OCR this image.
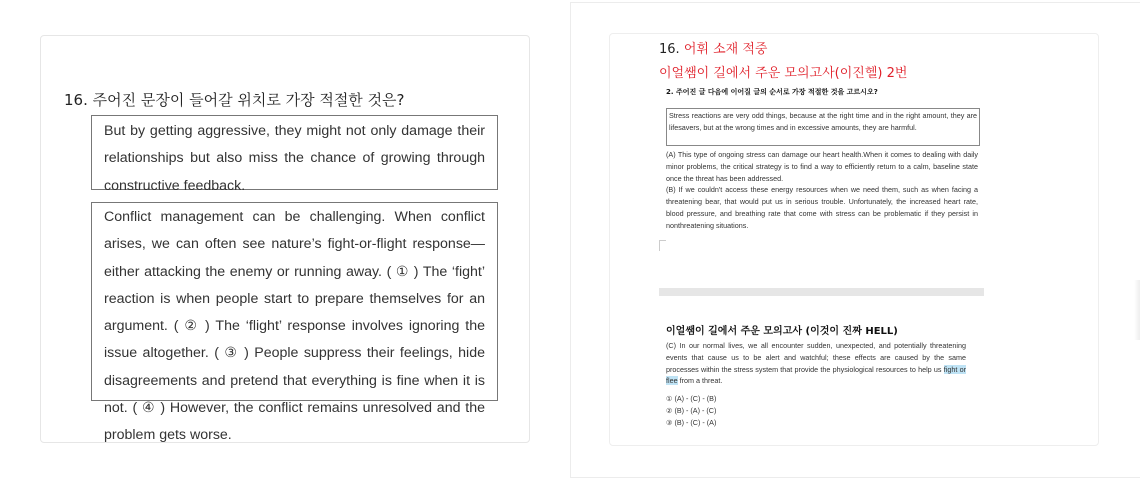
16. 주어진 문장이 들어갈 위치로 가장 적절한 것은?
But by getting aggressive, they might not only damage their relationships but also miss the chance of growing through constructive feedback.
Conflict management can be challenging. When conflict arises, we can often see nature’s fight-or-flight response—either attacking the enemy or running away. ( ① ) The ‘fight’ reaction is when people start to prepare themselves for an argument. ( ② ) The ‘flight’ response involves ignoring the issue altogether. ( ③ ) People suppress their feelings, hide disagreements and pretend that everything is fine when it is not. ( ④ ) However, the conflict remains unresolved and the problem gets worse.
16. 어휘 소재 적중
이얼쌤이 길에서 주운 모의고사(이진헬) 2번
2. 주어진 글 다음에 이어질 글의 순서로 가장 적절한 것을 고르시오?
Stress reactions are very odd things, because at the right time and in the right amount, they are lifesavers, but at the wrong times and in excessive amounts, they are harmful.
(A) This type of ongoing stress can damage our heart health.When it comes to dealing with daily minor problems, the critical strategy is to find a way to efficiently return to a calm, baseline state once the threat has been addressed.
(B) If we couldn't access these energy resources when we need them, such as when facing a threatening bear, that would put us in serious trouble. Unfortunately, the increased heart rate, blood pressure, and breathing rate that come with stress can be problematic if they persist in nonthreatening situations.
이얼쌤이 길에서 주운 모의고사 (이것이 진짜 HELL)
(C) In our normal lives, we all encounter sudden, unexpected, and potentially threatening events that cause us to be alert and watchful; these effects are caused by the same processes within the stress system that provide the physiological resources to help us fight or flee from a threat.
① (A) - (C) - (B)
② (B) - (A) - (C)
③ (B) - (C) - (A)
